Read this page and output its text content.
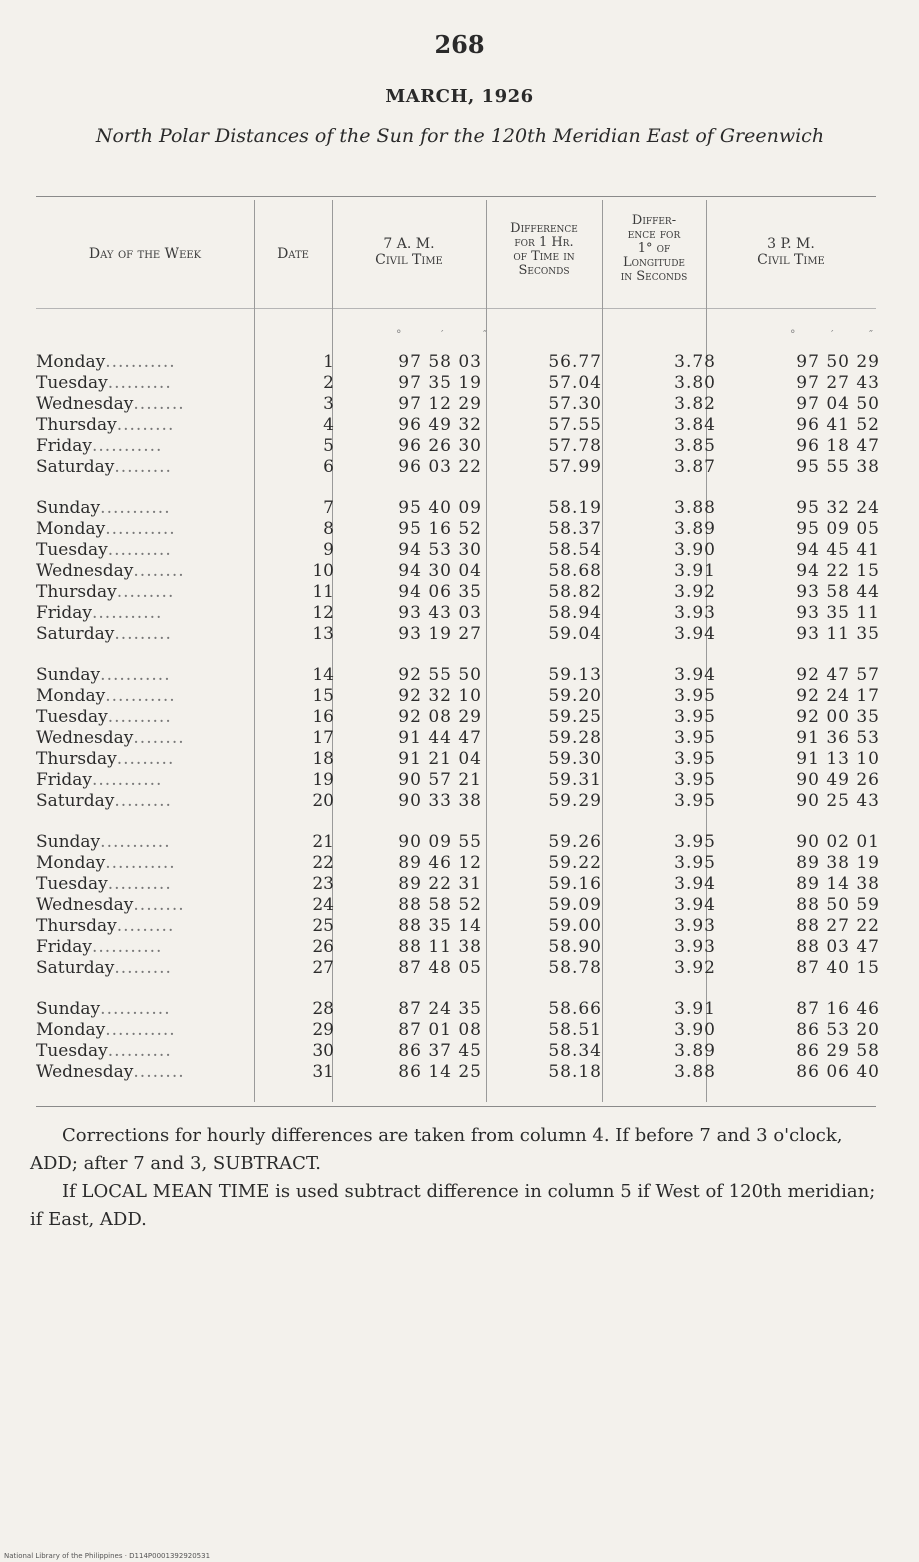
268
MARCH, 1926
North Polar Distances of the Sun for the 120th Meridian East of Greenwich
Day of the Week	Date
7 A. M.
Civil Time
Difference
for 1 Hr.
of Time in
Seconds
Differ-
ence for
1° of
Longitude
in Seconds
3 P. M.
Civil Time
° ′ ″	° ′ ″
Monday...........	1	97 58 03	56.77	3.78	97 50 29
Tuesday..........	2	97 35 19	57.04	3.80	97 27 43
Wednesday........	3	97 12 29	57.30	3.82	97 04 50
Thursday.........	4	96 49 32	57.55	3.84	96 41 52
Friday...........	5	96 26 30	57.78	3.85	96 18 47
Saturday.........	6	96 03 22	57.99	3.87	95 55 38
Sunday...........	7	95 40 09	58.19	3.88	95 32 24
Monday...........	8	95 16 52	58.37	3.89	95 09 05
Tuesday..........	9	94 53 30	58.54	3.90	94 45 41
Wednesday........	10	94 30 04	58.68	3.91	94 22 15
Thursday.........	11	94 06 35	58.82	3.92	93 58 44
Friday...........	12	93 43 03	58.94	3.93	93 35 11
Saturday.........	13	93 19 27	59.04	3.94	93 11 35
Sunday...........	14	92 55 50	59.13	3.94	92 47 57
Monday...........	15	92 32 10	59.20	3.95	92 24 17
Tuesday..........	16	92 08 29	59.25	3.95	92 00 35
Wednesday........	17	91 44 47	59.28	3.95	91 36 53
Thursday.........	18	91 21 04	59.30	3.95	91 13 10
Friday...........	19	90 57 21	59.31	3.95	90 49 26
Saturday.........	20	90 33 38	59.29	3.95	90 25 43
Sunday...........	21	90 09 55	59.26	3.95	90 02 01
Monday...........	22	89 46 12	59.22	3.95	89 38 19
Tuesday..........	23	89 22 31	59.16	3.94	89 14 38
Wednesday........	24	88 58 52	59.09	3.94	88 50 59
Thursday.........	25	88 35 14	59.00	3.93	88 27 22
Friday...........	26	88 11 38	58.90	3.93	88 03 47
Saturday.........	27	87 48 05	58.78	3.92	87 40 15
Sunday...........	28	87 24 35	58.66	3.91	87 16 46
Monday...........	29	87 01 08	58.51	3.90	86 53 20
Tuesday..........	30	86 37 45	58.34	3.89	86 29 58
Wednesday........	31	86 14 25	58.18	3.88	86 06 40

Corrections for hourly differences are taken from column 4. If before 7 and 3 o'clock, ADD; after 7 and 3, SUBTRACT.

If LOCAL MEAN TIME is used subtract difference in column 5 if West of 120th meridian; if East, ADD.

National Library of the Philippines · D114P0001392920531
